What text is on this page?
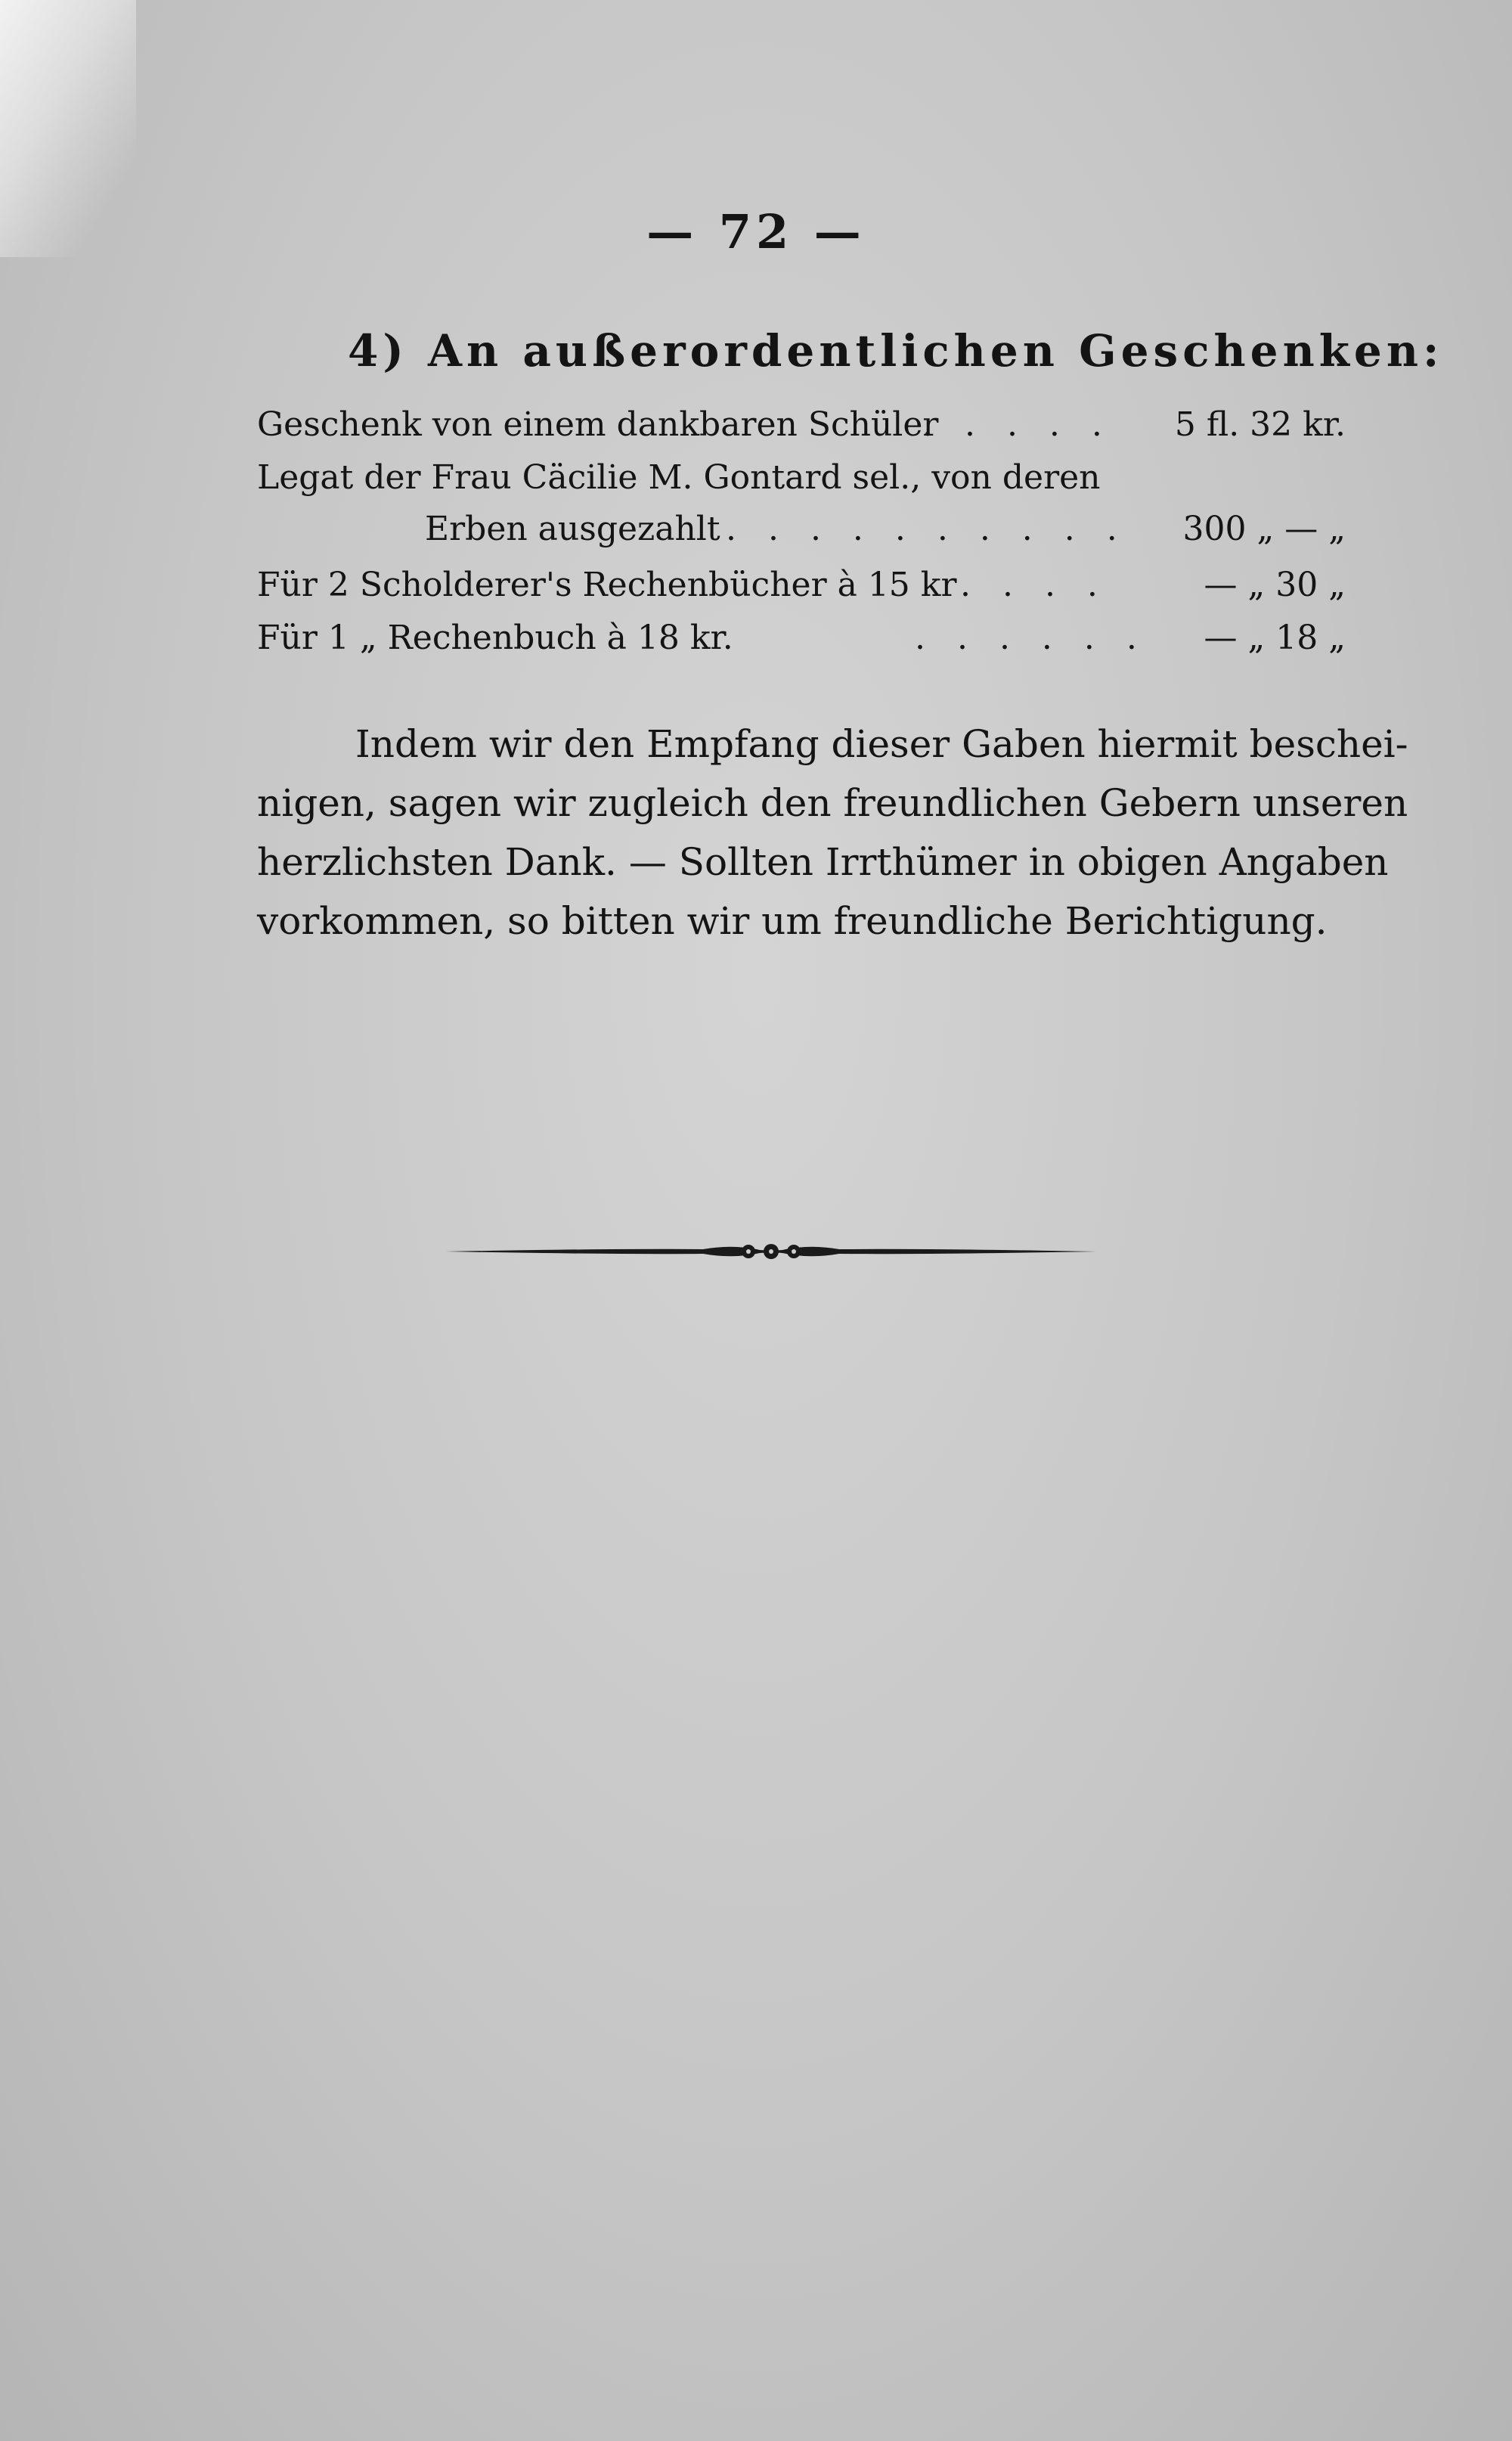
— 72 —
4) An außerordentlichen Geschenken:
Geschenk von einem dankbaren Schüler
. . . . . 5 fl. 32 kr.
Legat der Frau Cäcilie M. Gontard sel., von deren
Erben ausgezahlt . . . . . . . . . . 300 „ — „
Für 2 Scholderer's Rechenbücher à 15 kr . . . .	— „ 30 „
Für 1 „ Rechenbuch à 18 kr.	. . . . . . — „ 18 „
Indem wir den Empfang dieser Gaben hiermit beschei-
nigen, sagen wir zugleich den freundlichen Gebern unseren
herzlichsten Dank. — Sollten Irrthümer in obigen Angaben
vorkommen, so bitten wir um freundliche Berichtigung.
